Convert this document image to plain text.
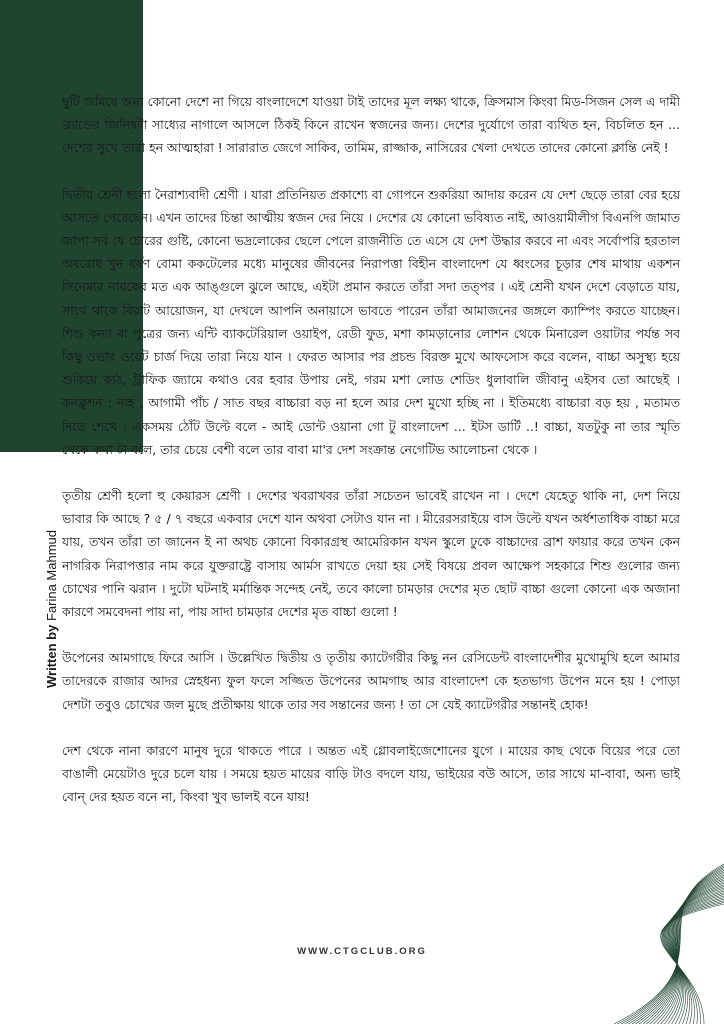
Written by Farina Mahmud

ছুটি জমিয়ে অন্য কোনো দেশে না গিয়ে বাংলাদেশে যাওয়া টাই তাদের মূল লক্ষ্য থাকে, ক্রিসমাস কিংবা মিড-সিজন সেল এ দামী ব্র্যান্ডের জিনিষটা সাধ্যের নাগালে আসলে ঠিকই কিনে রাখেন স্বজনের জন্য। দেশের দুর্যোগে তারা ব্যথিত হন, বিচলিত হন ... দেশের সুখে তারা হন আত্মহারা ! সারারাত জেগে সাকিব, তামিম, রাজ্জাক, নাসিরের খেলা দেখতে তাদের কোনো ক্লান্তি নেই !

দ্বিতীয় শ্রেনী হলো নৈরাশ্যবাদী শ্রেণী । যারা প্রতিনিয়ত প্রকাশ্যে বা গোপনে শুকরিয়া আদায় করেন যে দেশ ছেড়ে তারা বের হয়ে আসতে পেরেছেন। এখন তাদের চিন্তা আত্মীয় স্বজন দের নিয়ে । দেশের যে কোনো ভবিষ্যত নাই, আওয়ামীলীগ বিএনপি জামাত জাপা সব যে চোরের গুষ্টি, কোনো ভদ্রলোকের ছেলে পেলে রাজনীতি তে এসে যে দেশ উদ্ধার করবে না এবং সর্বোপরি হরতাল অবরোধ খুন ধর্ষণ বোমা ককটেলের মধ্যে মানুষের জীবনের নিরাপত্তা বিহীন বাংলাদেশ যে ধ্বংসের চূড়ার শেষ মাথায় একশন সিনেমার নায়কের মত এক আঙ্গুলে ঝুলে আছে, এইটা প্রমান করতে তাঁরা সদা তত্পর । এই শ্রেনী যখন দেশে বেড়াতে যায়, সাথে থাকে বিরাট আয়োজন, যা দেখলে আপনি অনায়াসে ভাবতে পারেন তাঁরা আমাজনের জঙ্গলে ক্যাম্পিং করতে যাচ্ছেন। শিশু কন্যা বা পুত্রের জন্য এন্টি ব্যাকটেরিয়াল ওয়াইপ, রেডী ফুড, মশা কামড়ানোর লোশন থেকে মিনারেল ওয়াটার পর্যন্ত সব কিছু ওভার ওয়েট চার্জ দিয়ে তারা নিয়ে যান । ফেরত আসার পর প্রচন্ড বিরক্ত মুখে আফসোস করে বলেন, বাচ্চা অসুস্থ্য হয়ে শুকিয়ে কাঠ, ট্রাফিক জ্যামে কথাও বের হবার উপায় নেই, গরম মশা লোড শেডিং ধুলাবালি জীবানু এইসব তো আছেই । কনক্লুশন : নাহ , আগামী পাঁচ / সাত বছর বাচ্চারা বড় না হলে আর দেশ মুখো হচ্ছি না । ইতিমধ্যে বাচ্চারা বড় হয় , মতামত দিতে শেখে । একসময় ঠোঁট উল্টে বলে - আই ডোন্ট ওয়ানা গো টু বাংলাদেশ ... ইটস ডার্টি ..! বাচ্চা, যতটুকু না তার স্মৃতি থেকে কথা টা বলে, তার চেয়ে বেশী বলে তার বাবা মা'র দেশ সংক্রান্ত নেগেটিভ আলোচনা থেকে ।

তৃতীয় শ্রেণী হলো হু কেয়ারস শ্রেণী । দেশের খবরাখবর তাঁরা সচেতন ভাবেই রাখেন না । দেশে যেহেতু থাকি না, দেশ নিয়ে ভাবার কি আছে ? ৫ / ৭ বছরে একবার দেশে যান অথবা সেটাও যান না । মীরেরসরাইয়ে বাস উল্টে যখন অর্ধশতাধিক বাচ্চা মরে যায়, তখন তাঁরা তা জানেন ই না অথচ কোনো বিকারগ্রস্থ আমেরিকান যখন স্কুলে ঢুকে বাচ্চাদের ব্রাশ ফায়ার করে তখন কেন নাগরিক নিরাপত্তার নাম করে যুক্তরাষ্ট্রে বাসায় আর্মস রাখতে দেয়া হয় সেই বিষয়ে প্রবল আক্ষেপ সহকারে শিশু গুলোর জন্য চোখের পানি ঝরান । দুটো ঘটনাই মর্মান্তিক সন্দেহ নেই, তবে কালো চামড়ার দেশের মৃত ছোট বাচ্চা গুলো কোনো এক অজানা কারণে সমবেদনা পায় না, পায় সাদা চামড়ার দেশের মৃত বাচ্চা গুলো !

উপেনের আমগাছে ফিরে আসি । উল্লেখিত দ্বিতীয় ও তৃতীয় ক্যাটেগরীর কিছু নন রেসিডেন্ট বাংলাদেশীর মুখোমুখি হলে আমার তাদেরকে রাজার আদর স্নেহধন্য ফুল ফলে সজ্জিত উপেনের আমগাছ আর বাংলাদেশ কে হতভাগ্য উপেন মনে হয় ! পোড়া দেশটা তবুও চোখের জল মুছে প্রতীক্ষায় থাকে তার সব সন্তানের জন্য ! তা সে যেই ক্যাটেগরীর সন্তানই হোক!

দেশ থেকে নানা কারণে মানুষ দুরে থাকতে পারে । অন্তত এই গ্লোবলাইজেশোনের যুগে । মায়ের কাছ থেকে বিয়ের পরে তো বাঙালী মেয়েটাও দুরে চলে যায় । সময়ে হয়ত মায়ের বাড়ি টাও বদলে যায়, ভাইয়ের বউ আসে, তার সাথে মা-বাবা, অন্য ভাই বোন্ দের হয়ত বনে না, কিংবা খুব ভালই বনে যায়!

WWW.CTGCLUB.ORG
